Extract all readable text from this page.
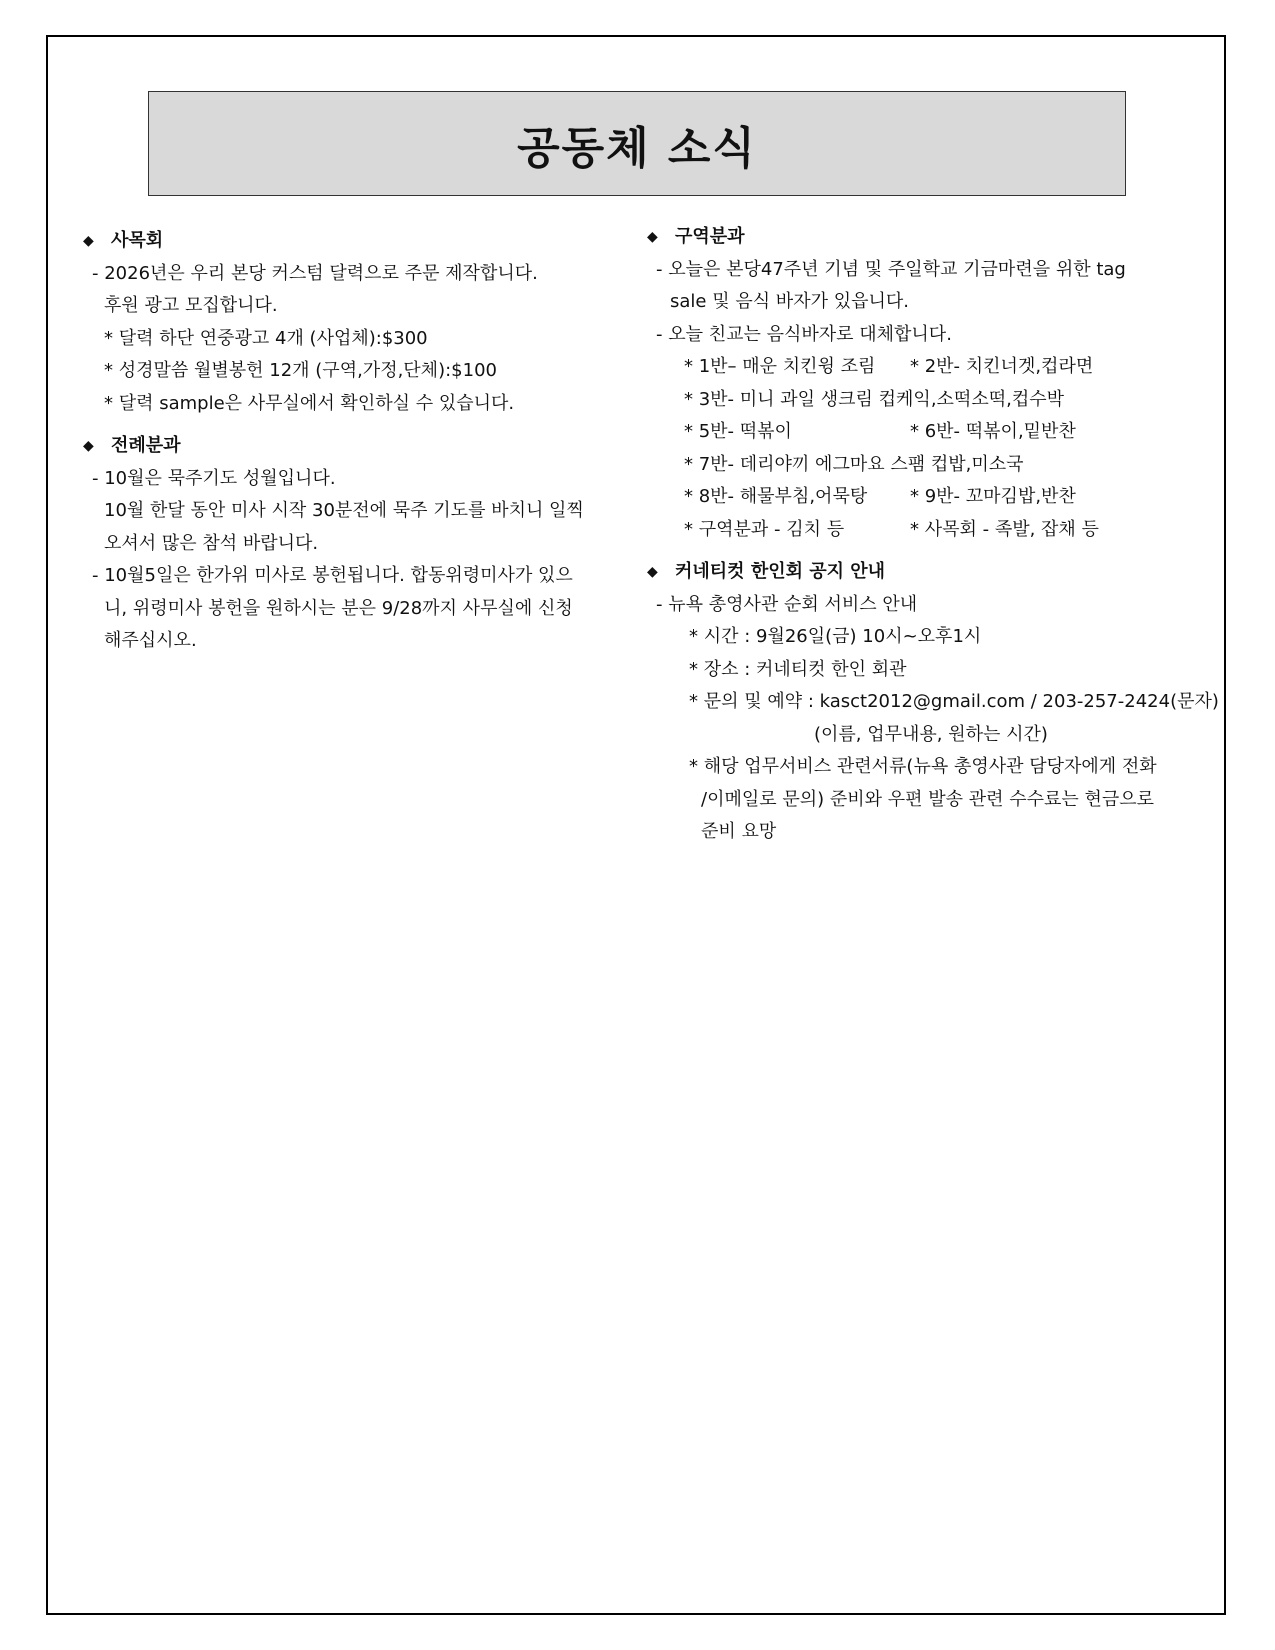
공동체 소식
◆ 사목회
- 2026년은 우리 본당 커스텀 달력으로 주문 제작합니다.
후원 광고 모집합니다.
* 달력 하단 연중광고 4개 (사업체):$300
* 성경말씀 월별봉헌 12개 (구역,가정,단체):$100
* 달력 sample은 사무실에서 확인하실 수 있습니다.
◆ 전례분과
- 10월은 묵주기도 성월입니다.
10월 한달 동안 미사 시작 30분전에 묵주 기도를 바치니 일찍
오셔서 많은 참석 바랍니다.
- 10월5일은 한가위 미사로 봉헌됩니다. 합동위령미사가 있으
니, 위령미사 봉헌을 원하시는 분은 9/28까지 사무실에 신청
해주십시오.
◆ 구역분과
- 오늘은 본당47주년 기념 및 주일학교 기금마련을 위한 tag
sale 및 음식 바자가 있읍니다.
- 오늘 친교는 음식바자로 대체합니다.
* 1반– 매운 치킨윙 조림	* 2반- 치킨너겟,컵라면
* 3반- 미니 과일 생크림 컵케익,소떡소떡,컵수박
* 5반- 떡볶이	* 6반- 떡볶이,밑반찬
* 7반- 데리야끼 에그마요 스팸 컵밥,미소국
* 8반- 해물부침,어묵탕	* 9반- 꼬마김밥,반찬
* 구역분과 - 김치 등	* 사목회 - 족발, 잡채 등
◆ 커네티컷 한인회 공지 안내
- 뉴욕 총영사관 순회 서비스 안내
* 시간 : 9월26일(금) 10시~오후1시
* 장소 : 커네티컷 한인 회관
* 문의 및 예약 : kasct2012@gmail.com / 203-257-2424(문자)
(이름, 업무내용, 원하는 시간)
* 해당 업무서비스 관련서류(뉴욕 총영사관 담당자에게 전화
/이메일로 문의) 준비와 우편 발송 관련 수수료는 현금으로
준비 요망
